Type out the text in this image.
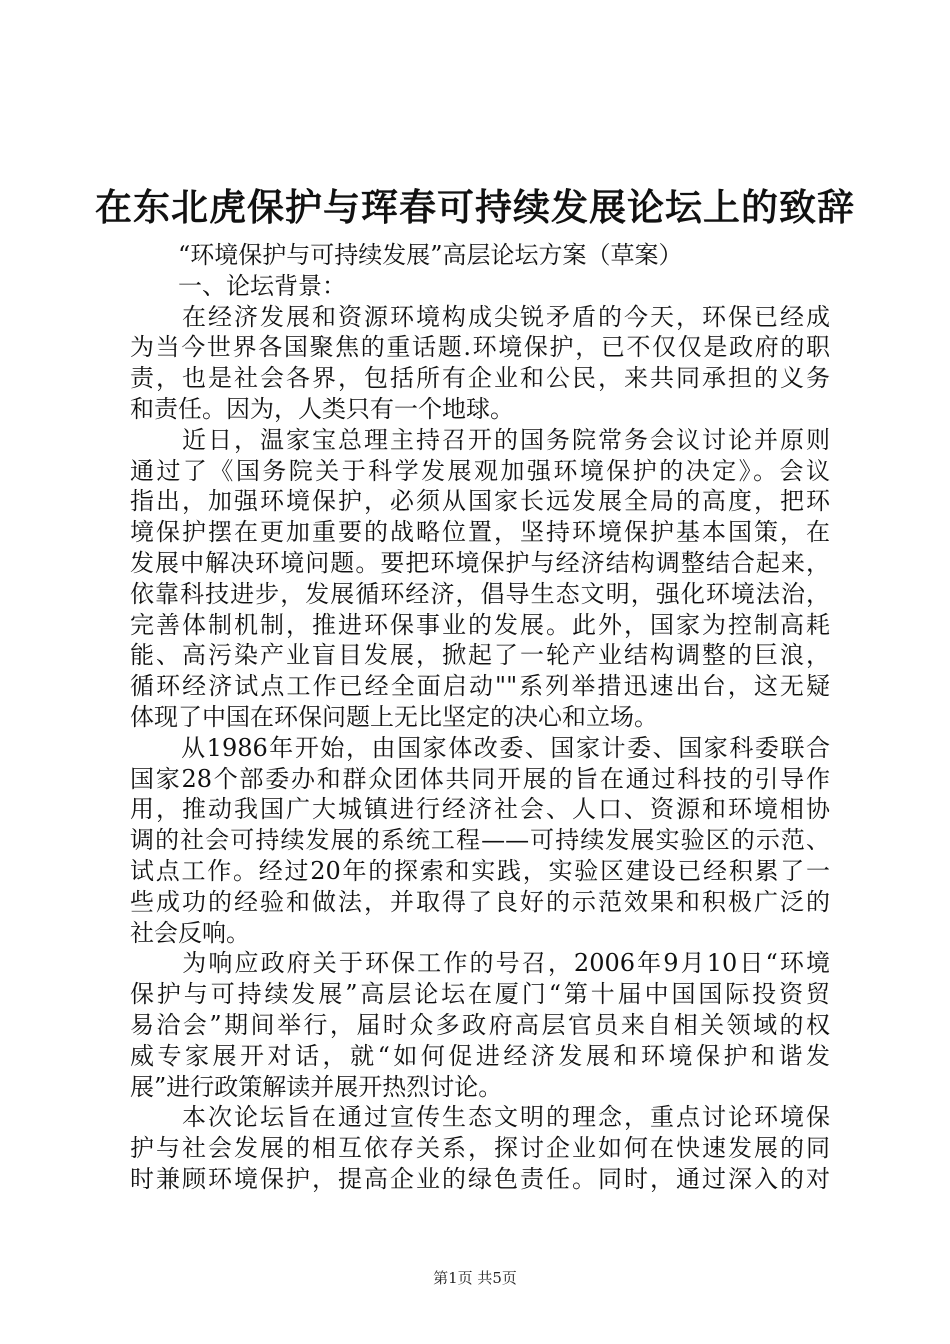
在东北虎保护与珲春可持续发展论坛上的致辞
　　“环境保护与可持续发展”高层论坛方案（草案）
　　一、论坛背景：
　　在经济发展和资源环境构成尖锐矛盾的今天，环保已经成
为当今世界各国聚焦的重话题.环境保护，已不仅仅是政府的职
责，也是社会各界，包括所有企业和公民，来共同承担的义务
和责任。因为，人类只有一个地球。
　　近日，温家宝总理主持召开的国务院常务会议讨论并原则
通过了《国务院关于科学发展观加强环境保护的决定》。会议
指出，加强环境保护，必须从国家长远发展全局的高度，把环
境保护摆在更加重要的战略位置，坚持环境保护基本国策，在
发展中解决环境问题。要把环境保护与经济结构调整结合起来，
依靠科技进步，发展循环经济，倡导生态文明，强化环境法治，
完善体制机制，推进环保事业的发展。此外，国家为控制高耗
能、高污染产业盲目发展，掀起了一轮产业结构调整的巨浪，
循环经济试点工作已经全面启动""系列举措迅速出台，这无疑
体现了中国在环保问题上无比坚定的决心和立场。
　　从1986年开始，由国家体改委、国家计委、国家科委联合
国家28个部委办和群众团体共同开展的旨在通过科技的引导作
用，推动我国广大城镇进行经济社会、人口、资源和环境相协
调的社会可持续发展的系统工程——可持续发展实验区的示范、
试点工作。经过20年的探索和实践，实验区建设已经积累了一
些成功的经验和做法，并取得了良好的示范效果和积极广泛的
社会反响。
　　为响应政府关于环保工作的号召，2006年9月10日“环境
保护与可持续发展”高层论坛在厦门“第十届中国国际投资贸
易洽会”期间举行，届时众多政府高层官员来自相关领域的权
威专家展开对话，就“如何促进经济发展和环境保护和谐发
展”进行政策解读并展开热烈讨论。
　　本次论坛旨在通过宣传生态文明的理念，重点讨论环境保
护与社会发展的相互依存关系，探讨企业如何在快速发展的同
时兼顾环境保护，提高企业的绿色责任。同时，通过深入的对
第1页 共5页
